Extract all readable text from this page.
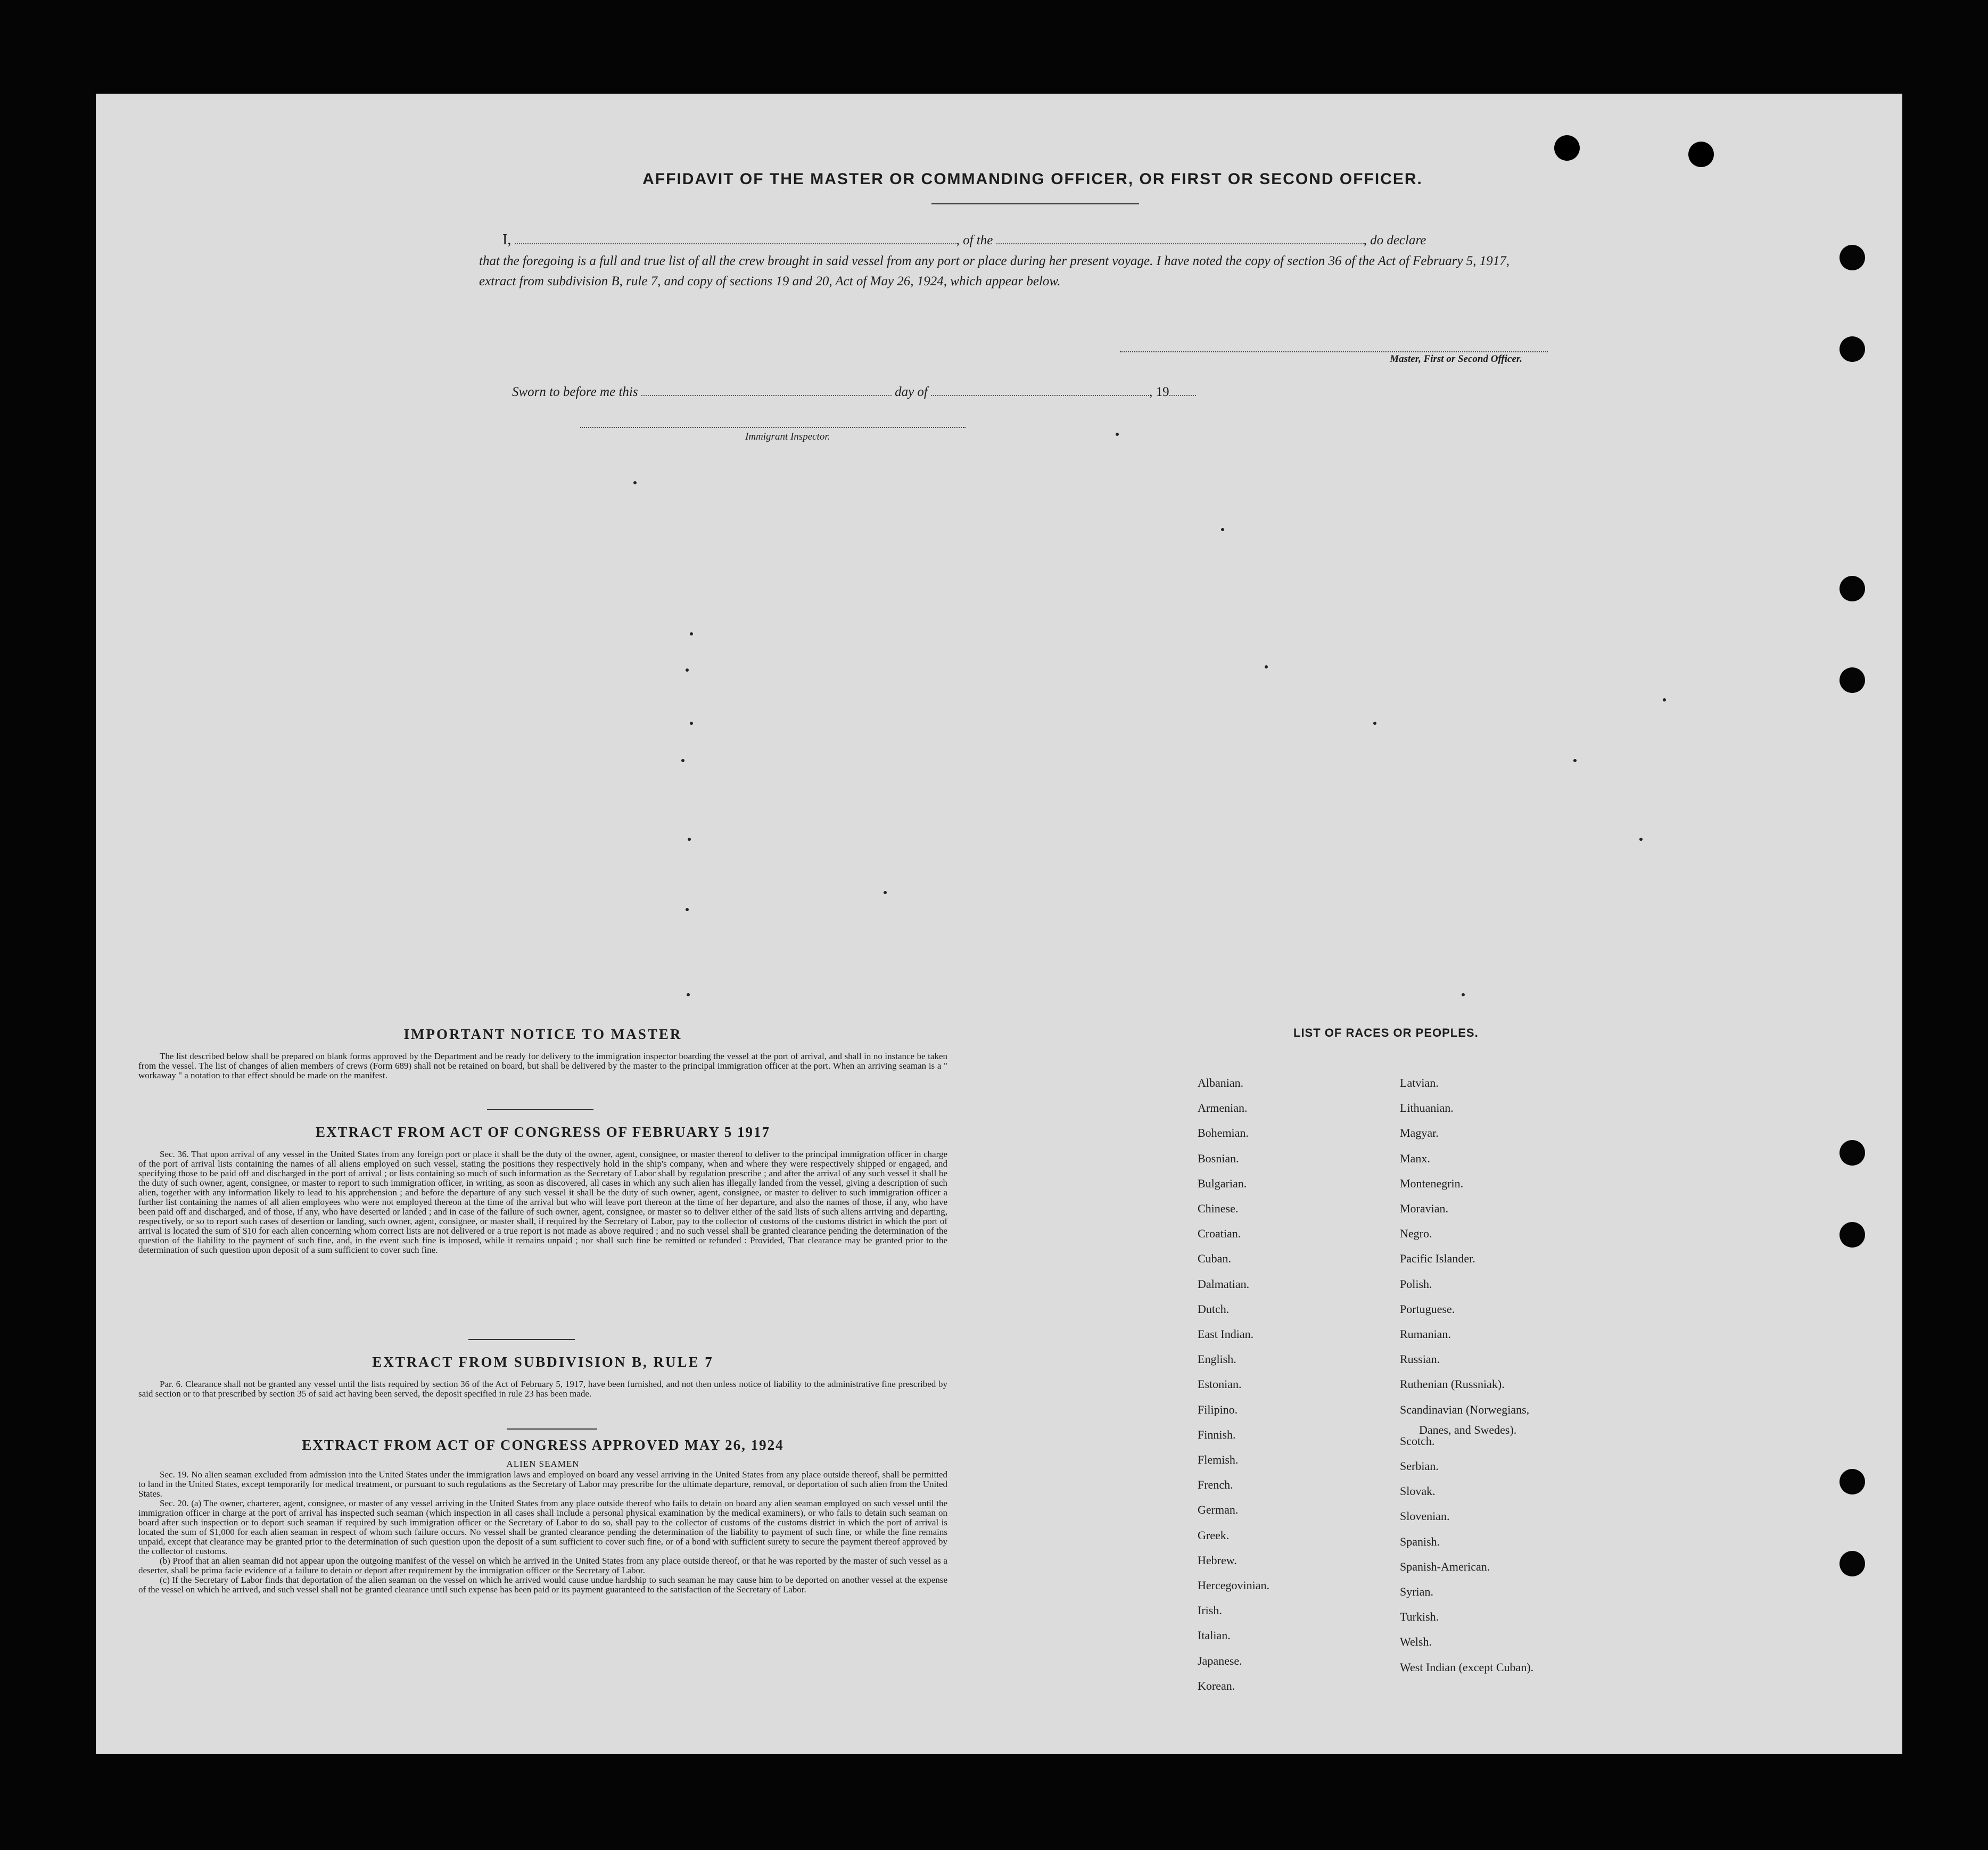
AFFIDAVIT OF THE MASTER OR COMMANDING OFFICER, OR FIRST OR SECOND OFFICER.
I,	, of the	, do declare
that the foregoing is a full and true list of all the crew brought in said vessel from any port or place during her present voyage. I have noted the copy of section 36 of the Act of February 5, 1917, extract from subdivision B, rule 7, and copy of sections 19 and 20, Act of May 26, 1924, which appear below.
Master, First or Second Officer.
Sworn to before me this	day of	, 19
Immigrant Inspector.
IMPORTANT NOTICE TO MASTER
The list described below shall be prepared on blank forms approved by the Department and be ready for delivery to the immigration inspector boarding the vessel at the port of arrival, and shall in no instance be taken from the vessel. The list of changes of alien members of crews (Form 689) shall not be retained on board, but shall be delivered by the master to the principal immigration officer at the port. When an arriving seaman is a " workaway " a notation to that effect should be made on the manifest.
EXTRACT FROM ACT OF CONGRESS OF FEBRUARY 5 1917
Sec. 36. That upon arrival of any vessel in the United States from any foreign port or place it shall be the duty of the owner, agent, consignee, or master thereof to deliver to the principal immigration officer in charge of the port of arrival lists containing the names of all aliens employed on such vessel, stating the positions they respectively hold in the ship's company, when and where they were respectively shipped or engaged, and specifying those to be paid off and discharged in the port of arrival ; or lists containing so much of such information as the Secretary of Labor shall by regulation prescribe ; and after the arrival of any such vessel it shall be the duty of such owner, agent, consignee, or master to report to such immigration officer, in writing, as soon as discovered, all cases in which any such alien has illegally landed from the vessel, giving a description of such alien, together with any information likely to lead to his apprehension ; and before the departure of any such vessel it shall be the duty of such owner, agent, consignee, or master to deliver to such immigration officer a further list containing the names of all alien employees who were not employed thereon at the time of the arrival but who will leave port thereon at the time of her departure, and also the names of those, if any, who have been paid off and discharged, and of those, if any, who have deserted or landed ; and in case of the failure of such owner, agent, consignee, or master so to deliver either of the said lists of such aliens arriving and departing, respectively, or so to report such cases of desertion or landing, such owner, agent, consignee, or master shall, if required by the Secretary of Labor, pay to the collector of customs of the customs district in which the port of arrival is located the sum of $10 for each alien concerning whom correct lists are not delivered or a true report is not made as above required ; and no such vessel shall be granted clearance pending the determination of the question of the liability to the payment of such fine, and, in the event such fine is imposed, while it remains unpaid ; nor shall such fine be remitted or refunded : Provided, That clearance may be granted prior to the determination of such question upon deposit of a sum sufficient to cover such fine.
EXTRACT FROM SUBDIVISION B, RULE 7
Par. 6. Clearance shall not be granted any vessel until the lists required by section 36 of the Act of February 5, 1917, have been furnished, and not then unless notice of liability to the administrative fine prescribed by said section or to that prescribed by section 35 of said act having been served, the deposit specified in rule 23 has been made.
EXTRACT FROM ACT OF CONGRESS APPROVED MAY 26, 1924
ALIEN SEAMEN
Sec. 19. No alien seaman excluded from admission into the United States under the immigration laws and employed on board any vessel arriving in the United States from any place outside thereof, shall be permitted to land in the United States, except temporarily for medical treatment, or pursuant to such regulations as the Secretary of Labor may prescribe for the ultimate departure, removal, or deportation of such alien from the United States.
Sec. 20. (a) The owner, charterer, agent, consignee, or master of any vessel arriving in the United States from any place outside thereof who fails to detain on board any alien seaman employed on such vessel until the immigration officer in charge at the port of arrival has inspected such seaman (which inspection in all cases shall include a personal physical examination by the medical examiners), or who fails to detain such seaman on board after such inspection or to deport such seaman if required by such immigration officer or the Secretary of Labor to do so, shall pay to the collector of customs of the customs district in which the port of arrival is located the sum of $1,000 for each alien seaman in respect of whom such failure occurs. No vessel shall be granted clearance pending the determination of the liability to payment of such fine, or while the fine remains unpaid, except that clearance may be granted prior to the determination of such question upon the deposit of a sum sufficient to cover such fine, or of a bond with sufficient surety to secure the payment thereof approved by the collector of customs.
(b) Proof that an alien seaman did not appear upon the outgoing manifest of the vessel on which he arrived in the United States from any place outside thereof, or that he was reported by the master of such vessel as a deserter, shall be prima facie evidence of a failure to detain or deport after requirement by the immigration officer or the Secretary of Labor.
(c) If the Secretary of Labor finds that deportation of the alien seaman on the vessel on which he arrived would cause undue hardship to such seaman he may cause him to be deported on another vessel at the expense of the vessel on which he arrived, and such vessel shall not be granted clearance until such expense has been paid or its payment guaranteed to the satisfaction of the Secretary of Labor.
LIST OF RACES OR PEOPLES.
Albanian.
Armenian.
Bohemian.
Bosnian.
Bulgarian.
Chinese.
Croatian.
Cuban.
Dalmatian.
Dutch.
East Indian.
English.
Estonian.
Filipino.
Finnish.
Flemish.
French.
German.
Greek.
Hebrew.
Hercegovinian.
Irish.
Italian.
Japanese.
Korean.
Latvian.
Lithuanian.
Magyar.
Manx.
Montenegrin.
Moravian.
Negro.
Pacific Islander.
Polish.
Portuguese.
Rumanian.
Russian.
Ruthenian (Russniak).
Scandinavian (Norwegians,
Danes, and Swedes).
Scotch.
Serbian.
Slovak.
Slovenian.
Spanish.
Spanish-American.
Syrian.
Turkish.
Welsh.
West Indian (except Cuban).
